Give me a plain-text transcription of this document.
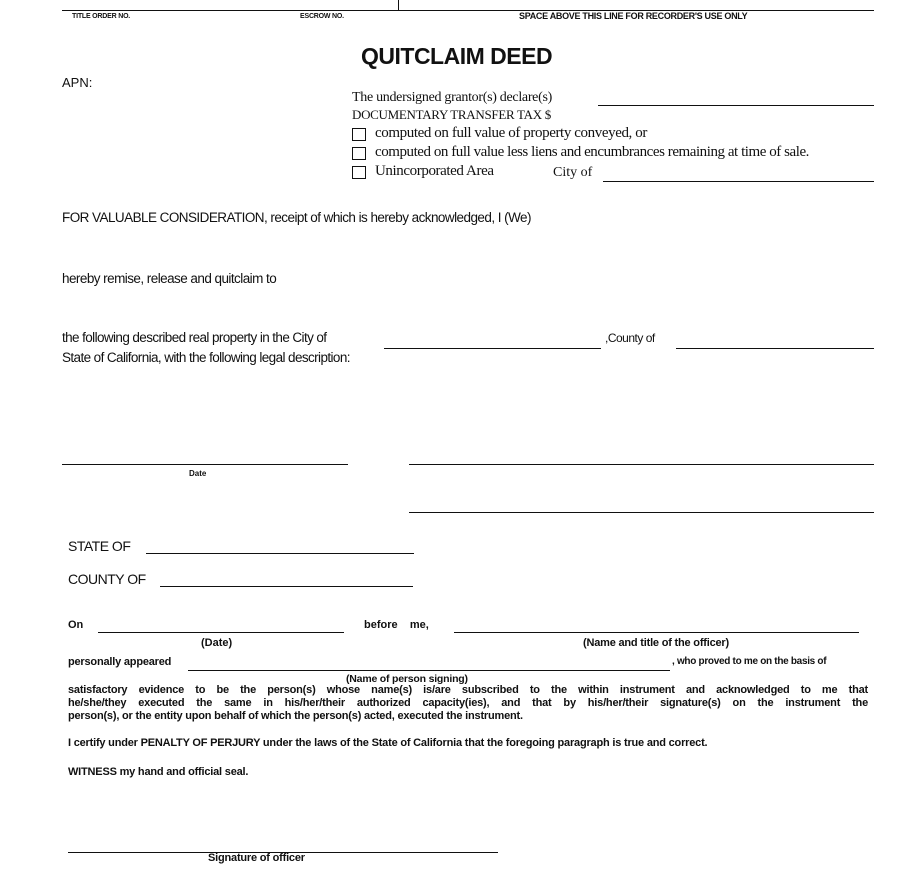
TITLE ORDER NO.	ESCROW NO.	SPACE ABOVE THIS LINE FOR RECORDER'S USE ONLY
QUITCLAIM DEED
APN:
The undersigned grantor(s) declare(s)
DOCUMENTARY TRANSFER TAX $
computed on full value of property conveyed, or
computed on full value less liens and encumbrances remaining at time of sale.
Unincorporated Area	City of
FOR VALUABLE CONSIDERATION, receipt of which is hereby acknowledged, I (We)
hereby remise, release and quitclaim to
the following described real property in the City of	,County of
State of California, with the following legal description:
Date
STATE OF
COUNTY OF
On	before    me,
(Date)	(Name and title of the officer)
personally appeared	, who proved to me on the basis of
(Name of person signing)
satisfactory evidence to be the person(s) whose name(s) is/are subscribed to the within instrument and acknowledged to me that
he/she/they executed the same in his/her/their authorized capacity(ies), and that by his/her/their signature(s) on the instrument the
person(s), or the entity upon behalf of which the person(s) acted, executed the instrument.
I certify under PENALTY OF PERJURY under the laws of the State of California that the foregoing paragraph is true and correct.
WITNESS my hand and official seal.
Signature of officer
